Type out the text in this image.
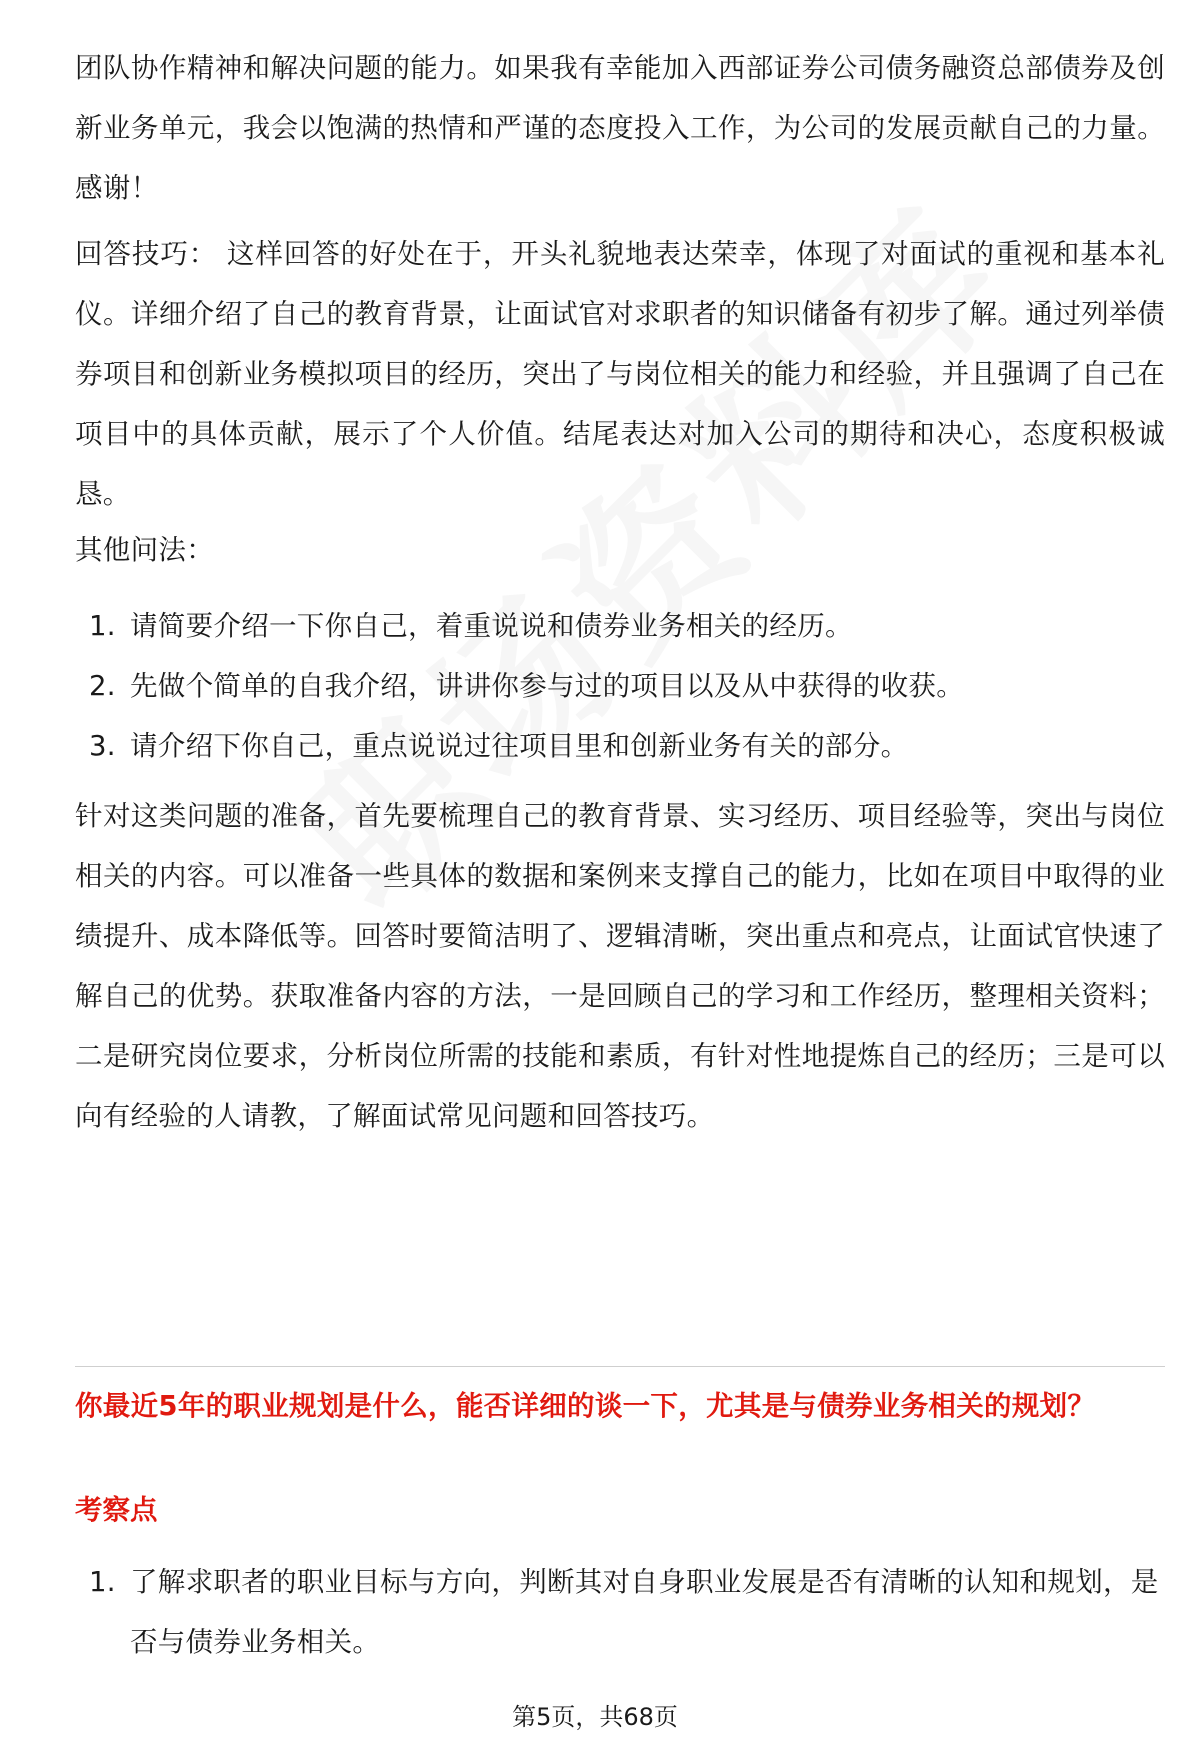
团队协作精神和解决问题的能力。如果我有幸能加入西部证券公司债务融资总部债券及创新业务单元，我会以饱满的热情和严谨的态度投入工作，为公司的发展贡献自己的力量。感谢！

回答技巧： 这样回答的好处在于，开头礼貌地表达荣幸，体现了对面试的重视和基本礼仪。详细介绍了自己的教育背景，让面试官对求职者的知识储备有初步了解。通过列举债券项目和创新业务模拟项目的经历，突出了与岗位相关的能力和经验，并且强调了自己在项目中的具体贡献，展示了个人价值。结尾表达对加入公司的期待和决心，态度积极诚恳。

其他问法：

1. 请简要介绍一下你自己，着重说说和债券业务相关的经历。
2. 先做个简单的自我介绍，讲讲你参与过的项目以及从中获得的收获。
3. 请介绍下你自己，重点说说过往项目里和创新业务有关的部分。

针对这类问题的准备，首先要梳理自己的教育背景、实习经历、项目经验等，突出与岗位相关的内容。可以准备一些具体的数据和案例来支撑自己的能力，比如在项目中取得的业绩提升、成本降低等。回答时要简洁明了、逻辑清晰，突出重点和亮点，让面试官快速了解自己的优势。获取准备内容的方法，一是回顾自己的学习和工作经历，整理相关资料；二是研究岗位要求，分析岗位所需的技能和素质，有针对性地提炼自己的经历；三是可以向有经验的人请教，了解面试常见问题和回答技巧。

你最近5年的职业规划是什么，能否详细的谈一下，尤其是与债券业务相关的规划？

考察点

1. 了解求职者的职业目标与方向，判断其对自身职业发展是否有清晰的认知和规划，是否与债券业务相关。
第5页，共68页
